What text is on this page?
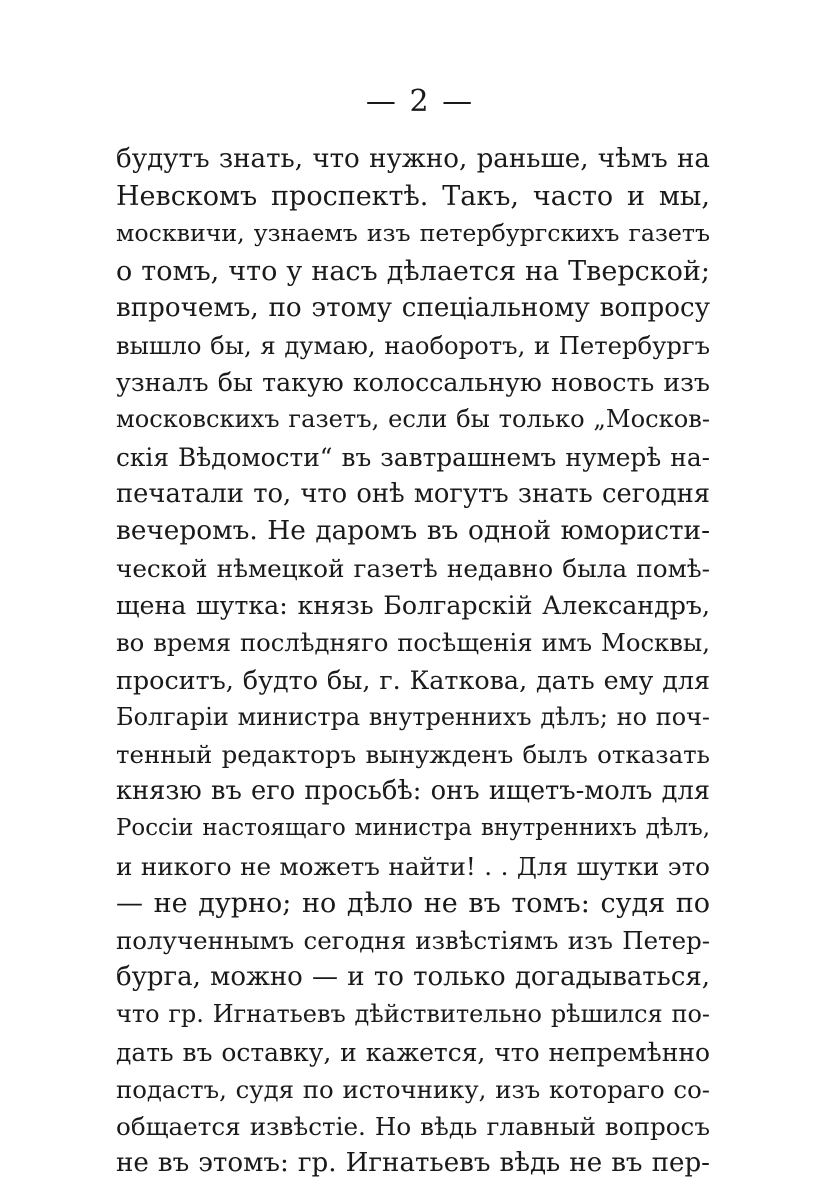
— 2 —
будутъ знать, что нужно, раньше, чѣмъ на
Невскомъ проспектѣ. Такъ, часто и мы,
москвичи, узнаемъ изъ петербургскихъ газетъ
о томъ, что у насъ дѣлается на Тверской;
впрочемъ, по этому спеціальному вопросу
вышло бы, я думаю, наоборотъ, и Петербургъ
узналъ бы такую колоссальную новость изъ
московскихъ газетъ, если бы только „Москов-
скія Вѣдомости“ въ завтрашнемъ нумерѣ на-
печатали то, что онѣ могутъ знать сегодня
вечеромъ. Не даромъ въ одной юмористи-
ческой нѣмецкой газетѣ недавно была помѣ-
щена шутка: князь Болгарскій Александръ,
во время послѣдняго посѣщенія имъ Москвы,
проситъ, будто бы, г. Каткова, дать ему для
Болгаріи министра внутреннихъ дѣлъ; но поч-
тенный редакторъ вынужденъ былъ отказать
князю въ его просьбѣ: онъ ищетъ-молъ для
Россіи настоящаго министра внутреннихъ дѣлъ,
и никого не можетъ найти! . . Для шутки это
— не дурно; но дѣло не въ томъ: судя по
полученнымъ сегодня извѣстіямъ изъ Петер-
бурга, можно — и то только догадываться,
что гр. Игнатьевъ дѣйствительно рѣшился по-
дать въ оставку, и кажется, что непремѣнно
подастъ, судя по источнику, изъ котораго со-
общается извѣстіе. Но вѣдь главный вопросъ
не въ этомъ: гр. Игнатьевъ вѣдь не въ пер-
